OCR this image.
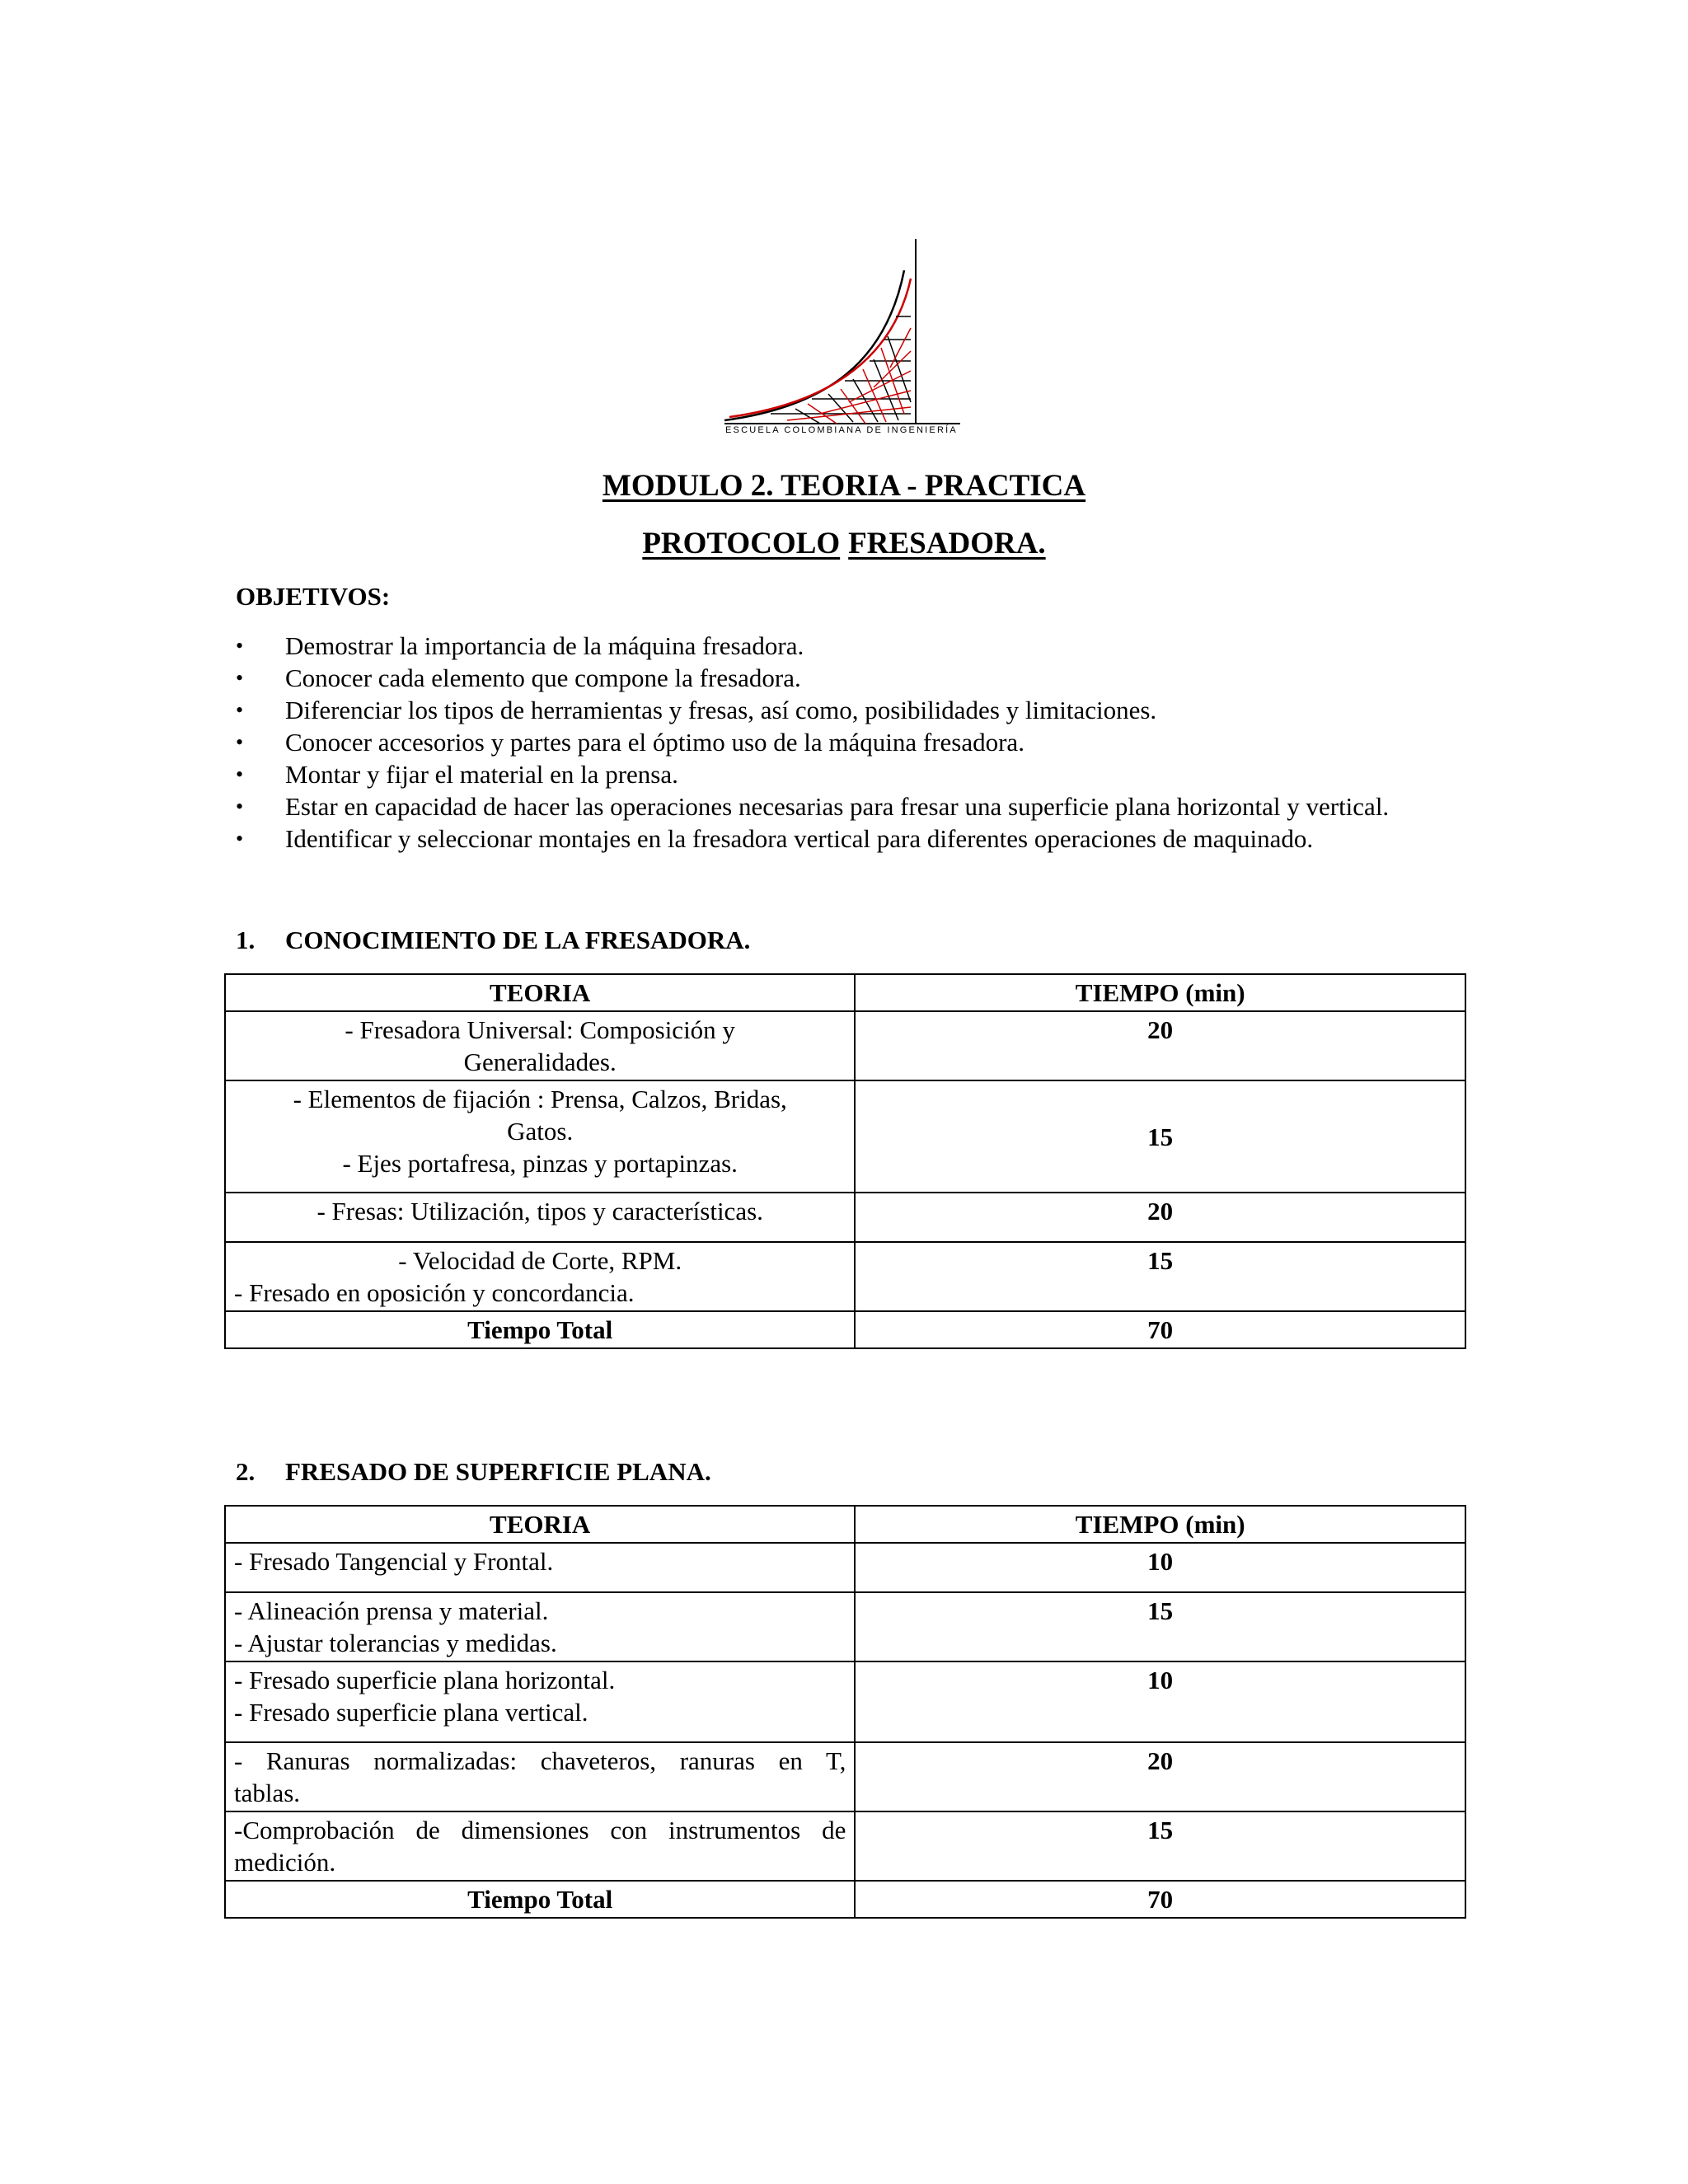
ESCUELA COLOMBIANA DE INGENIERÍA
MODULO 2. TEORIA - PRACTICA
PROTOCOLO FRESADORA.

OBJETIVOS:

• Demostrar la importancia de la máquina fresadora.
• Conocer cada elemento que compone la fresadora.
• Diferenciar los tipos de herramientas y fresas, así como, posibilidades y limitaciones.
• Conocer accesorios y partes para el óptimo uso de la máquina fresadora.
• Montar y fijar el material en la prensa.
• Estar en capacidad de hacer las operaciones necesarias para fresar una superficie plana horizontal y vertical.
• Identificar y seleccionar montajes en la fresadora vertical para diferentes operaciones de maquinado.

1. CONOCIMIENTO DE LA FRESADORA.

TEORIA	TIEMPO (min)

- Fresadora Universal: Composición y
Generalidades.	20

- Elementos de fijación : Prensa, Calzos, Bridas,
Gatos.
- Ejes portafresa, pinzas y portapinzas.	15
- Fresas: Utilización, tipos y características.	20

- Velocidad de Corte, RPM.
- Fresado en oposición y concordancia.	15
Tiempo Total	70

2. FRESADO DE SUPERFICIE PLANA.

TEORIA	TIEMPO (min)
- Fresado Tangencial y Frontal.	10

- Alineación prensa y material.
- Ajustar tolerancias y medidas.	15

- Fresado superficie plana horizontal.
- Fresado superficie plana vertical.	10

- Ranuras normalizadas: chaveteros, ranuras en T,
tablas.	20

-Comprobación de dimensiones con instrumentos de
medición.	15
Tiempo Total	70
